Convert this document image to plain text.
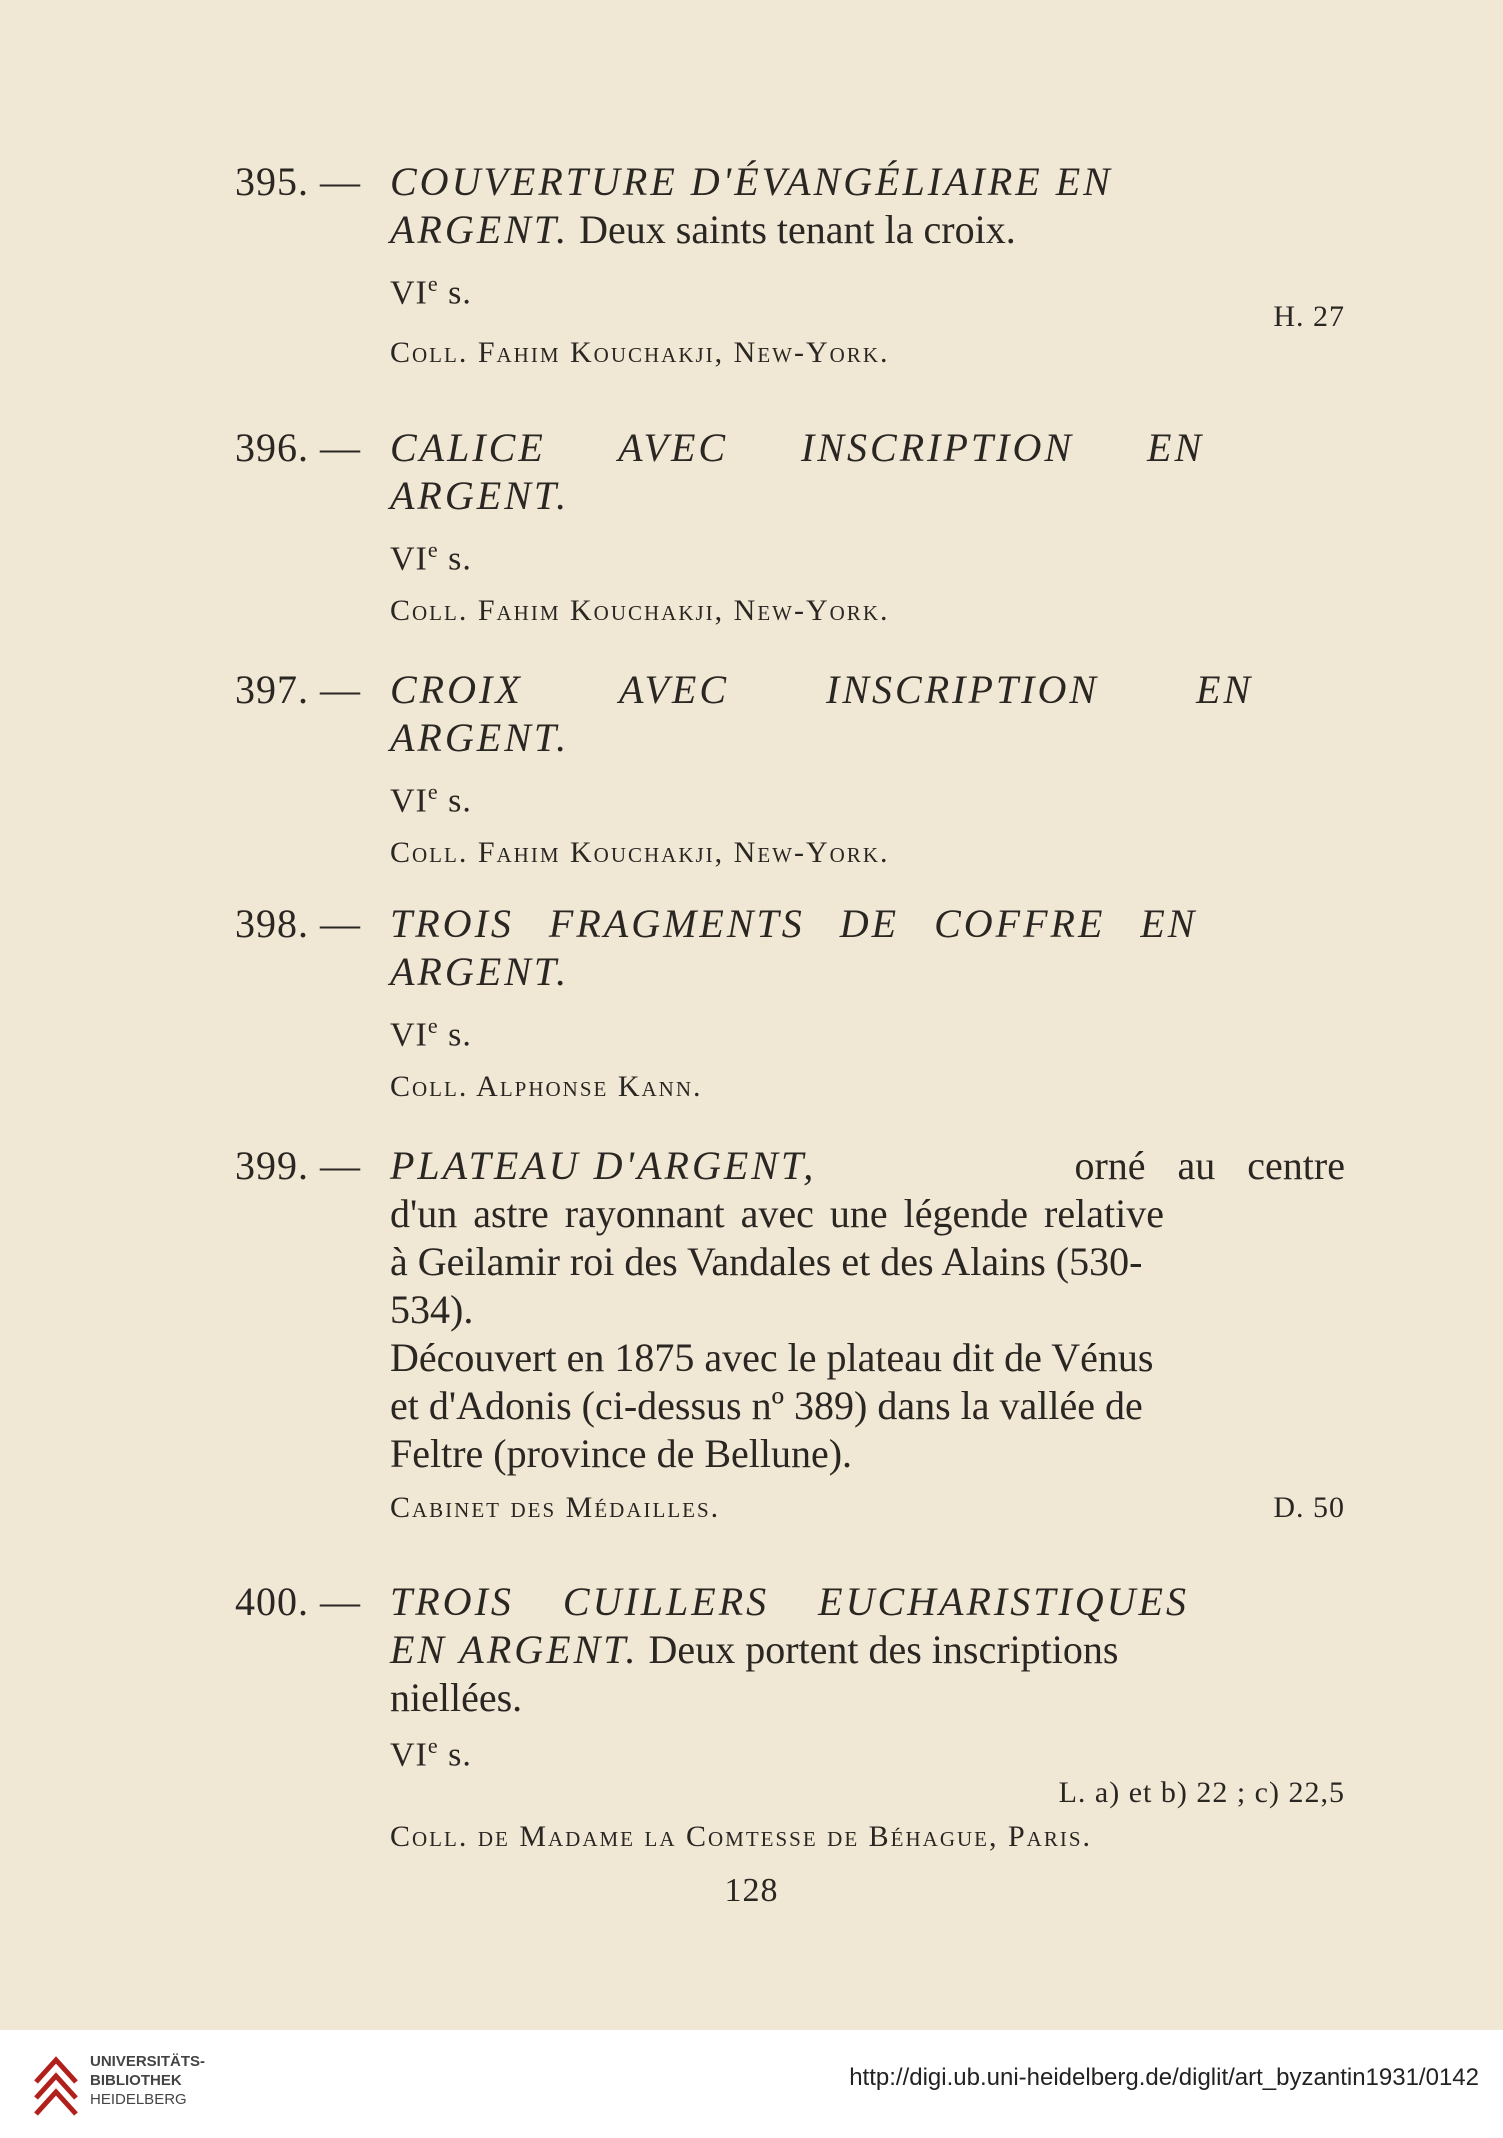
395. — COUVERTURE D'ÉVANGÉLIAIRE EN
ARGENT. Deux saints tenant la croix.
VIe s.
H. 27
Coll. Fahim Kouchakji, New-York.
396. — CALICE AVEC INSCRIPTION EN
ARGENT.
VIe s.
Coll. Fahim Kouchakji, New-York.
397. — CROIX AVEC INSCRIPTION EN
ARGENT.
VIe s.
Coll. Fahim Kouchakji, New-York.
398. — TROIS FRAGMENTS DE COFFRE EN
ARGENT.
VIe s.
Coll. Alphonse Kann.
399. — PLATEAU D'ARGENT,	orné au centre
d'un astre rayonnant avec une légende relative
à Geilamir roi des Vandales et des Alains (530-
534).
Découvert en 1875 avec le plateau dit de Vénus
et d'Adonis (ci-dessus nº 389) dans la vallée de
Feltre (province de Bellune).
Cabinet des Médailles.	D. 50
400. — TROIS CUILLERS EUCHARISTIQUES
EN ARGENT. Deux portent des inscriptions
niellées.
VIe s.
L. a) et b) 22 ; c) 22,5
Coll. de Madame la Comtesse de Béhague, Paris.
128
UNIVERSITÄTS-
BIBLIOTHEK
HEIDELBERG
http://digi.ub.uni-heidelberg.de/diglit/art_byzantin1931/0142
